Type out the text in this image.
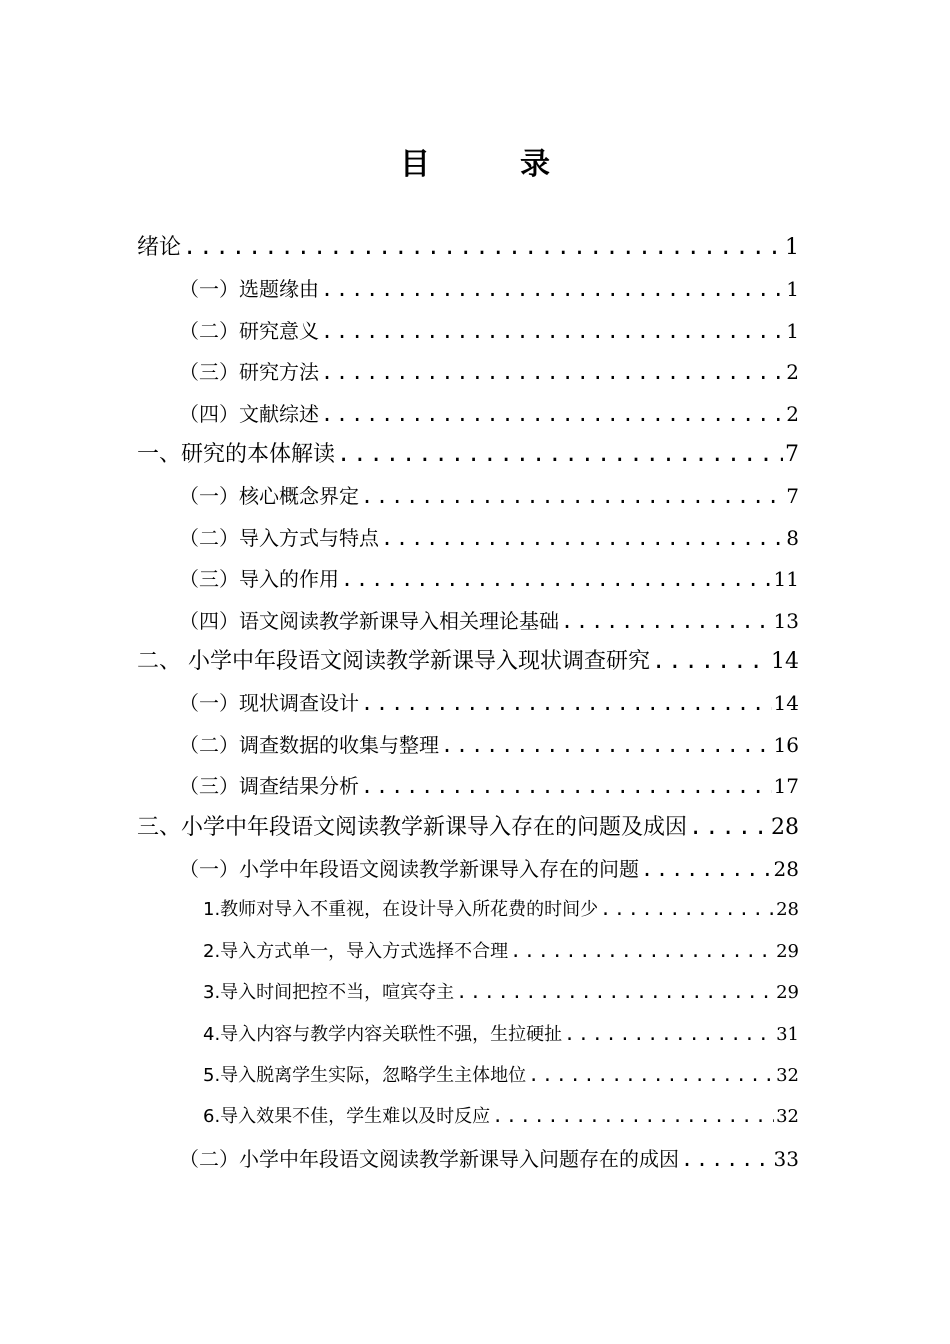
目　录
绪论 .....	1
（一）选题缘由 .....	1
（二）研究意义 .....	1
（三）研究方法 .....	2
（四）文献综述 .....	2
一、研究的本体解读 .....	7
（一）核心概念界定 .....	7
（二）导入方式与特点 .....	8
（三）导入的作用 .....	11
（四）语文阅读教学新课导入相关理论基础 .....	13
二、 小学中年段语文阅读教学新课导入现状调查研究 .....	14
（一）现状调查设计 .....	14
（二）调查数据的收集与整理 .....	16
（三）调查结果分析 .....	17
三、小学中年段语文阅读教学新课导入存在的问题及成因 .....	28
（一）小学中年段语文阅读教学新课导入存在的问题 .....	28
1.教师对导入不重视，在设计导入所花费的时间少 .....	28
2.导入方式单一，导入方式选择不合理 .....	29
3.导入时间把控不当，喧宾夺主 .....	29
4.导入内容与教学内容关联性不强，生拉硬扯 .....	31
5.导入脱离学生实际，忽略学生主体地位 .....	32
6.导入效果不佳，学生难以及时反应 .....	32
（二）小学中年段语文阅读教学新课导入问题存在的成因 .....	33
